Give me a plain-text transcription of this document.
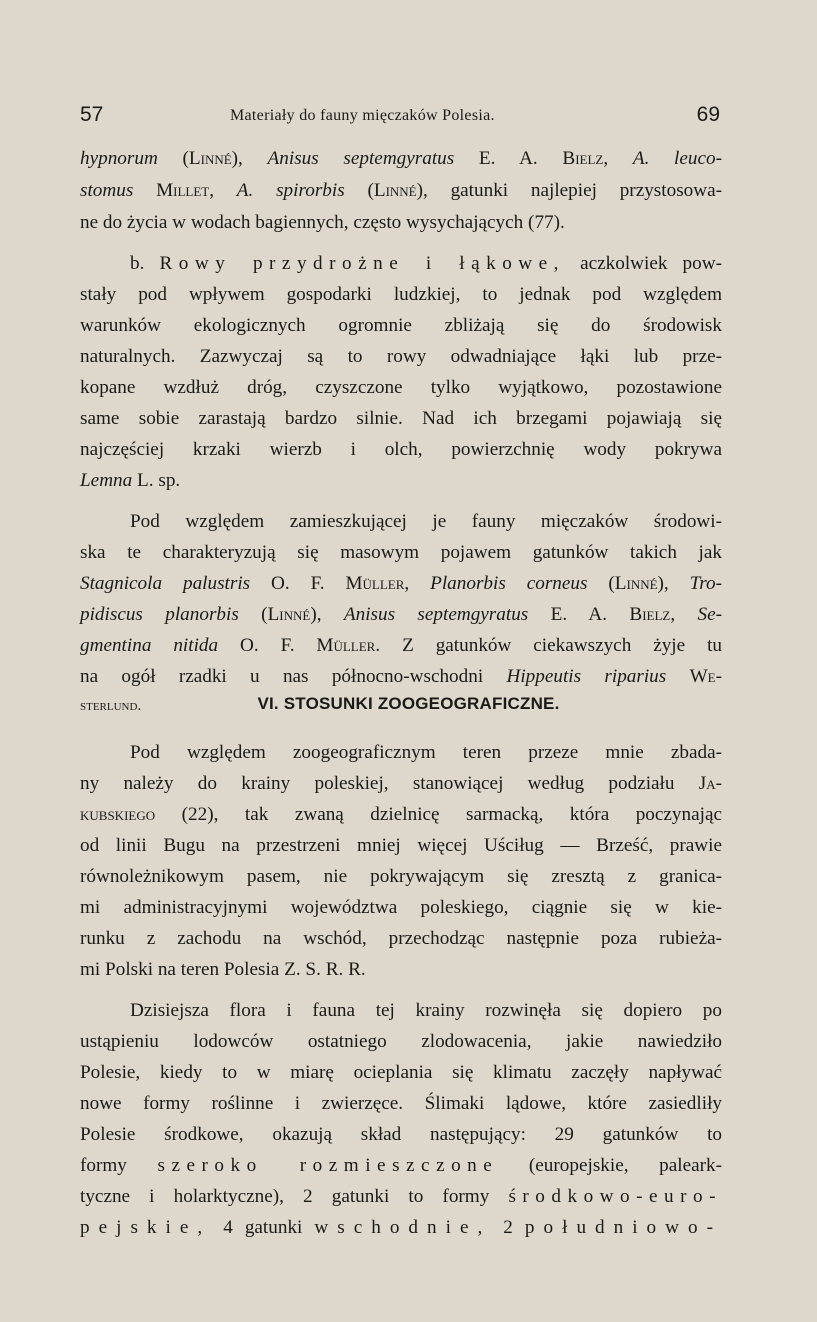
57	Materiały do fauny mięczaków Polesia.	69
hypnorum (Linné), Anisus septemgyratus E. A. Bielz, A. leuco-
stomus Millet, A. spirorbis (Linné), gatunki najlepiej przystosowa-
ne do życia w wodach bagiennych, często wysychających (77).
b. Rowy przydrożne i łąkowe, aczkolwiek pow-
stały pod wpływem gospodarki ludzkiej, to jednak pod względem
warunków ekologicznych ogromnie zbliżają się do środowisk
naturalnych. Zazwyczaj są to rowy odwadniające łąki lub prze-
kopane wzdłuż dróg, czyszczone tylko wyjątkowo, pozostawione
same sobie zarastają bardzo silnie. Nad ich brzegami pojawiają się
najczęściej krzaki wierzb i olch, powierzchnię wody pokrywa
Lemna L. sp.
Pod względem zamieszkującej je fauny mięczaków środowi-
ska te charakteryzują się masowym pojawem gatunków takich jak
Stagnicola palustris O. F. Müller, Planorbis corneus (Linné), Tro-
pidiscus planorbis (Linné), Anisus septemgyratus E. A. Bielz, Se-
gmentina nitida O. F. Müller. Z gatunków ciekawszych żyje tu
na ogół rzadki u nas północno-wschodni Hippeutis riparius We-
sterlund.	VI. STOSUNKI ZOOGEOGRAFICZNE.
Pod względem zoogeograficznym teren przeze mnie zbada-
ny należy do krainy poleskiej, stanowiącej według podziału Ja-
kubskiego (22), tak zwaną dzielnicę sarmacką, która poczynając
od linii Bugu na przestrzeni mniej więcej Uściług — Brześć, prawie
równoleżnikowym pasem, nie pokrywającym się zresztą z granica-
mi administracyjnymi województwa poleskiego, ciągnie się w kie-
runku z zachodu na wschód, przechodząc następnie poza rubieża-
mi Polski na teren Polesia Z. S. R. R.
Dzisiejsza flora i fauna tej krainy rozwinęła się dopiero po
ustąpieniu lodowców ostatniego zlodowacenia, jakie nawiedziło
Polesie, kiedy to w miarę ocieplania się klimatu zaczęły napływać
nowe formy roślinne i zwierzęce. Ślimaki lądowe, które zasiedliły
Polesie środkowe, okazują skład następujący: 29 gatunków to
formy szeroko rozmieszczone (europejskie, paleark-
tyczne i holarktyczne), 2 gatunki to formy środkowo-euro-
pejskie, 4 gatunki wschodnie, 2 południowo-
